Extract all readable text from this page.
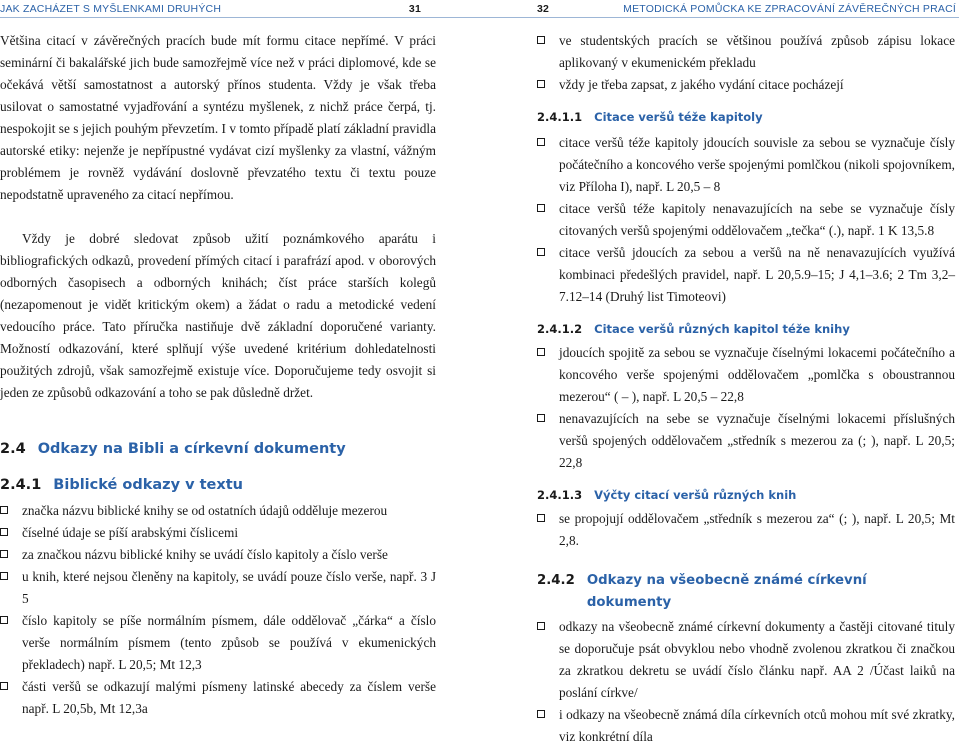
JAK ZACHÁZET S MYŠLENKAMI DRUHÝCH	31

Většina citací v závěrečných pracích bude mít formu citace nepřímé. V práci seminární či bakalářské jich bude samozřejmě více než v práci diplomové, kde se očekává větší samostatnost a autorský přínos studenta. Vždy je však třeba usilovat o samostatné vyjadřování a syntézu myšlenek, z nichž práce čerpá, tj. nespokojit se s jejich pouhým převzetím. I v tomto případě platí základní pravidla autorské etiky: nejenže je nepřípustné vydávat cizí myšlenky za vlastní, vážným problémem je rovněž vydávání doslovně převzatého textu či textu pouze nepodstatně upraveného za citací nepřímou.

Vždy je dobré sledovat způsob užití poznámkového aparátu i bibliografických odkazů, provedení přímých citací i parafrází apod. v oborových odborných časopisech a odborných knihách; číst práce starších kolegů (nezapomenout je vidět kritickým okem) a žádat o radu a metodické vedení vedoucího práce. Tato příručka nastiňuje dvě základní doporučené varianty. Možností odkazování, které splňují výše uvedené kritérium dohledatelnosti použitých zdrojů, však samozřejmě existuje více. Doporučujeme tedy osvojit si jeden ze způsobů odkazování a toho se pak důsledně držet.

2.4 Odkazy na Bibli a církevní dokumenty
2.4.1 Biblické odkazy v textu
značka názvu biblické knihy se od ostatních údajů odděluje mezerou
číselné údaje se píší arabskými číslicemi
za značkou názvu biblické knihy se uvádí číslo kapitoly a číslo verše
u knih, které nejsou členěny na kapitoly, se uvádí pouze číslo verše, např. 3 J 5
číslo kapitoly se píše normálním písmem, dále oddělovač „čárka“ a číslo verše normálním písmem (tento způsob se používá v ekumenických překladech) např. L 20,5; Mt 12,3
části veršů se odkazují malými písmeny latinské abecedy za číslem verše např. L 20,5b, Mt 12,3a
32	METODICKÁ POMŮCKA KE ZPRACOVÁNÍ ZÁVĚREČNÝCH PRACÍ
ve studentských pracích se většinou používá způsob zápisu lokace aplikovaný v ekumenickém překladu
vždy je třeba zapsat, z jakého vydání citace pocházejí
2.4.1.1 Citace veršů téže kapitoly
citace veršů téže kapitoly jdoucích souvisle za sebou se vyznačuje čísly počátečního a koncového verše spojenými pomlčkou (nikoli spojovníkem, viz Příloha I), např. L 20,5 – 8
citace veršů téže kapitoly nenavazujících na sebe se vyznačuje čísly citovaných veršů spojenými oddělovačem „tečka“ (.), např. 1 K 13,5.8
citace veršů jdoucích za sebou a veršů na ně nenavazujících využívá kombinaci předešlých pravidel, např. L 20,5.9–15; J 4,1–3.6; 2 Tm 3,2–7.12–14 (Druhý list Timoteovi)
2.4.1.2 Citace veršů různých kapitol téže knihy
jdoucích spojitě za sebou se vyznačuje číselnými lokacemi počátečního a koncového verše spojenými oddělovačem „pomlčka s oboustrannou mezerou“ ( – ), např. L 20,5 – 22,8
nenavazujících na sebe se vyznačuje číselnými lokacemi příslušných veršů spojených oddělovačem „středník s mezerou za (; ), např. L 20,5; 22,8
2.4.1.3 Výčty citací veršů různých knih
se propojují oddělovačem „středník s mezerou za“ (; ), např. L 20,5; Mt 2,8.
2.4.2 Odkazy na všeobecně známé církevní dokumenty
odkazy na všeobecně známé církevní dokumenty a častěji citované tituly se doporučuje psát obvyklou nebo vhodně zvolenou zkratkou či značkou za zkratkou dekretu se uvádí číslo článku např. AA 2 /Účast laiků na poslání církve/
i odkazy na všeobecně známá díla církevních otců mohou mít své zkratky, viz konkrétní díla
